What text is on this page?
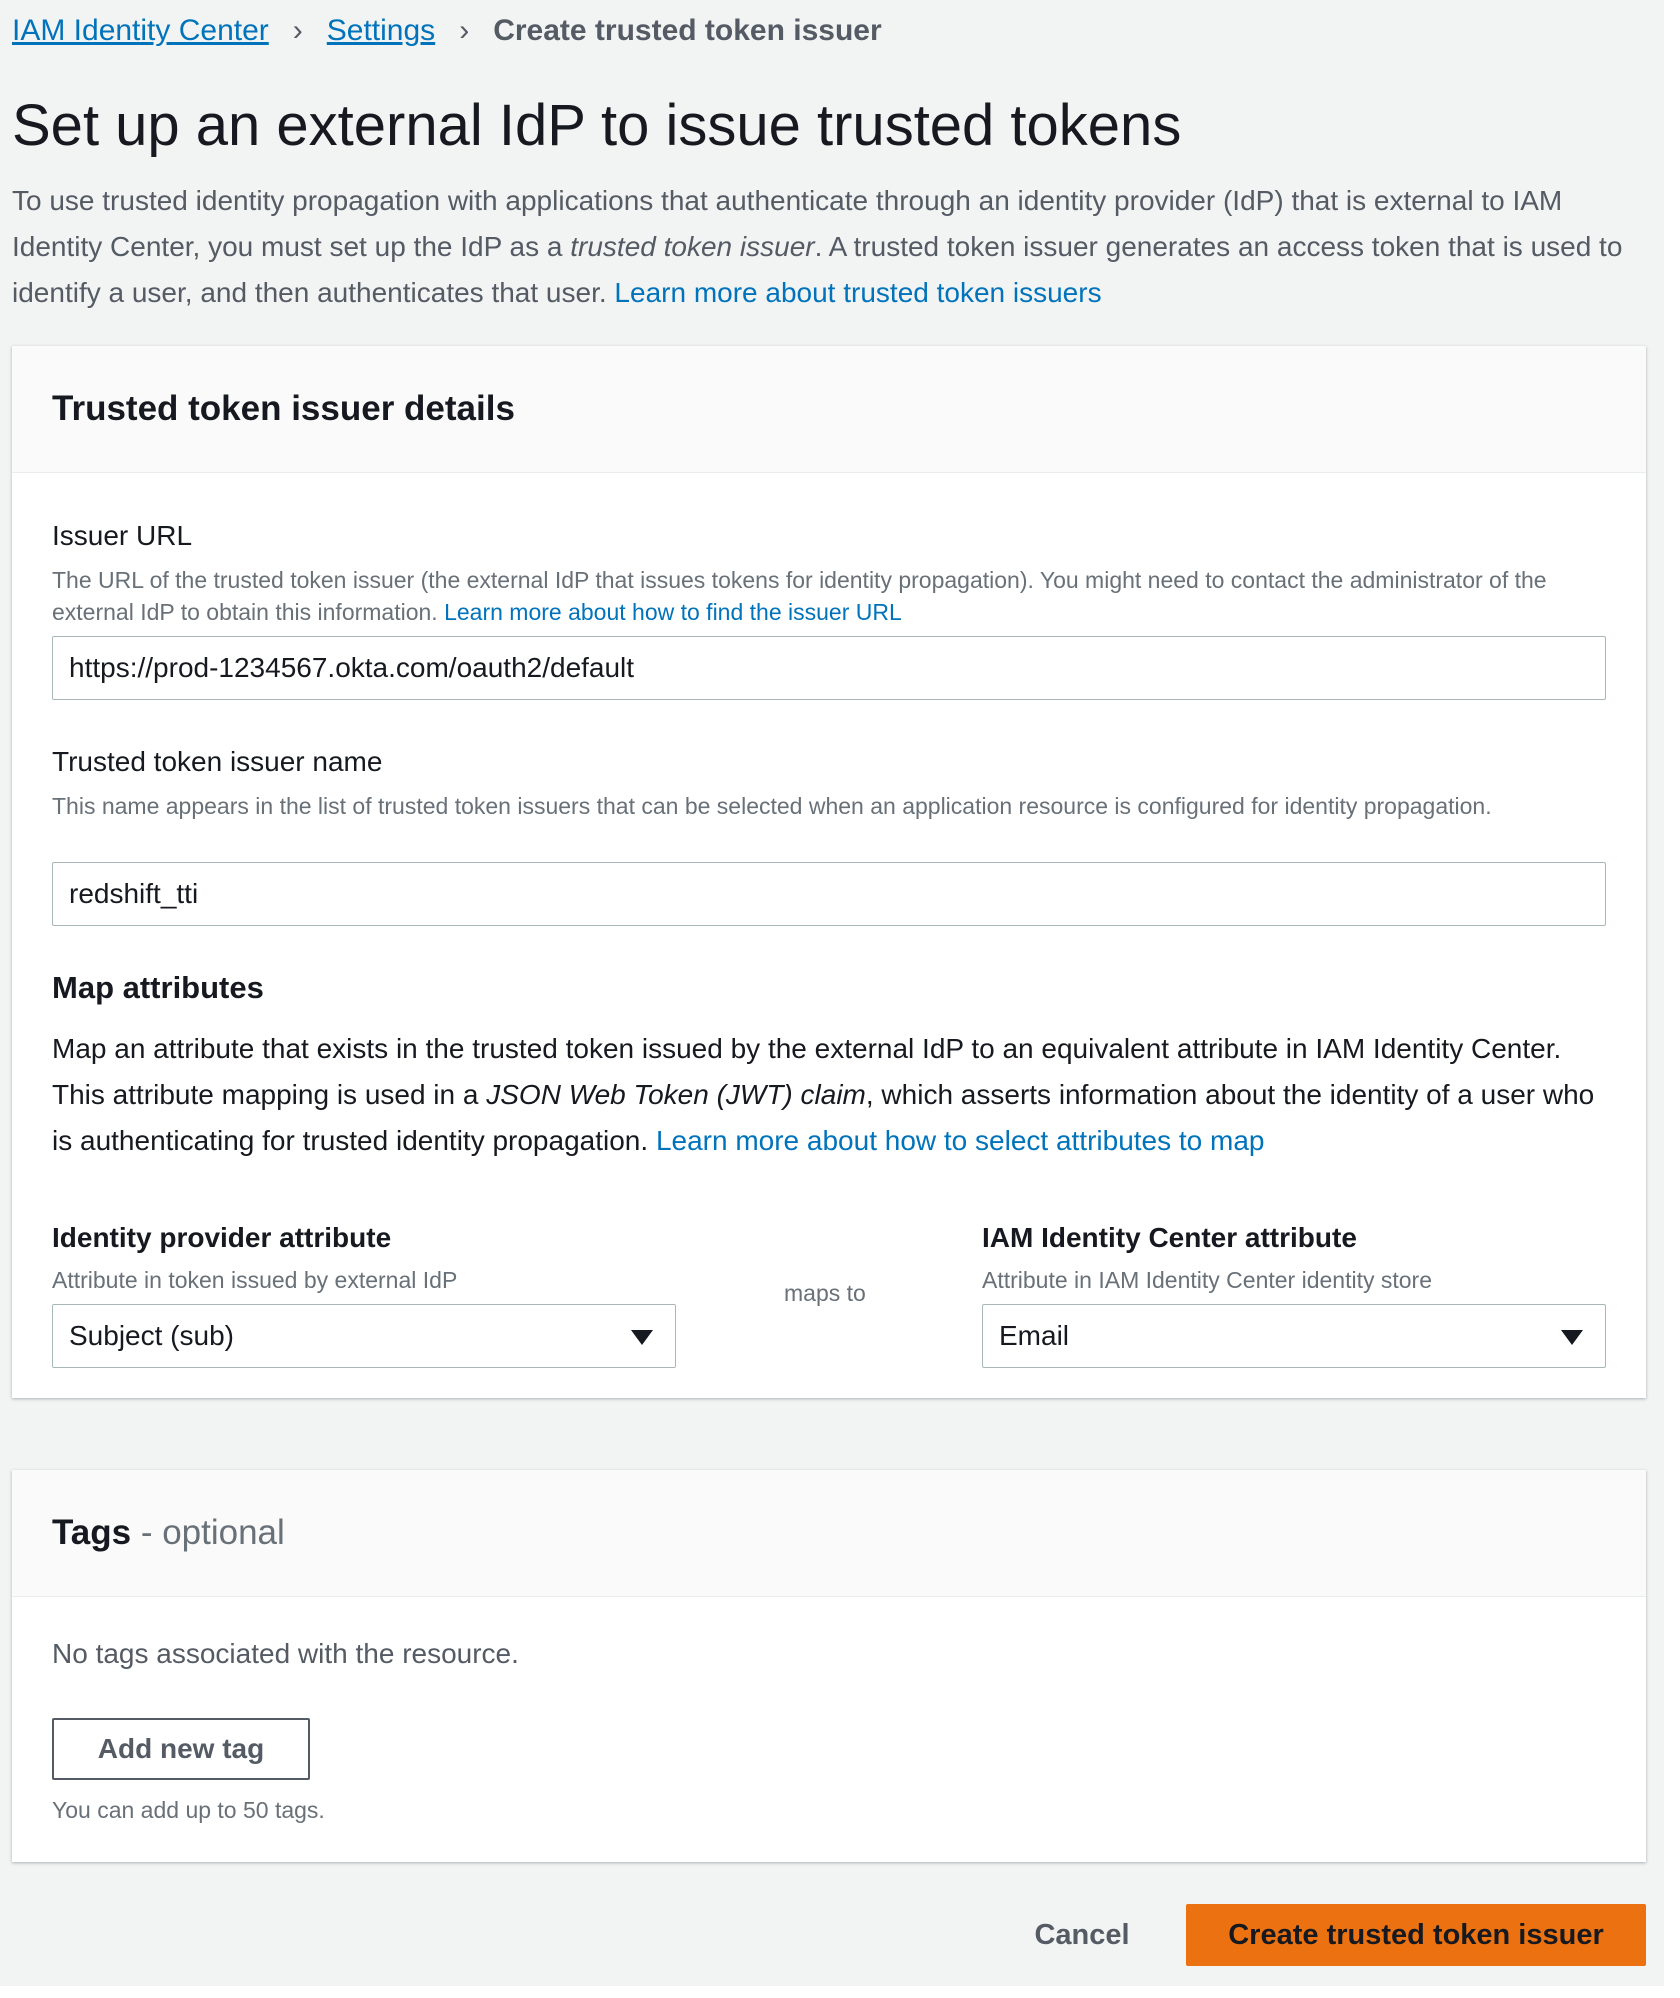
IAM Identity Center › Settings › Create trusted token issuer
Set up an external IdP to issue trusted tokens

To use trusted identity propagation with applications that authenticate through an identity provider (IdP) that is external to IAM Identity Center, you must set up the IdP as a trusted token issuer. A trusted token issuer generates an access token that is used to identify a user, and then authenticates that user. Learn more about trusted token issuers

Trusted token issuer details
Issuer URL
The URL of the trusted token issuer (the external IdP that issues tokens for identity propagation). You might need to contact the administrator of the external IdP to obtain this information. Learn more about how to find the issuer URL
https://prod-1234567.okta.com/oauth2/default
Trusted token issuer name
This name appears in the list of trusted token issuers that can be selected when an application resource is configured for identity propagation.
redshift_tti
Map attributes
Map an attribute that exists in the trusted token issued by the external IdP to an equivalent attribute in IAM Identity Center. This attribute mapping is used in a JSON Web Token (JWT) claim, which asserts information about the identity of a user who is authenticating for trusted identity propagation. Learn more about how to select attributes to map
Identity provider attribute
Attribute in token issued by external IdP
Subject (sub)
maps to
IAM Identity Center attribute
Attribute in IAM Identity Center identity store
Email
Tags - optional
No tags associated with the resource.
Add new tag
You can add up to 50 tags.
Cancel	Create trusted token issuer
